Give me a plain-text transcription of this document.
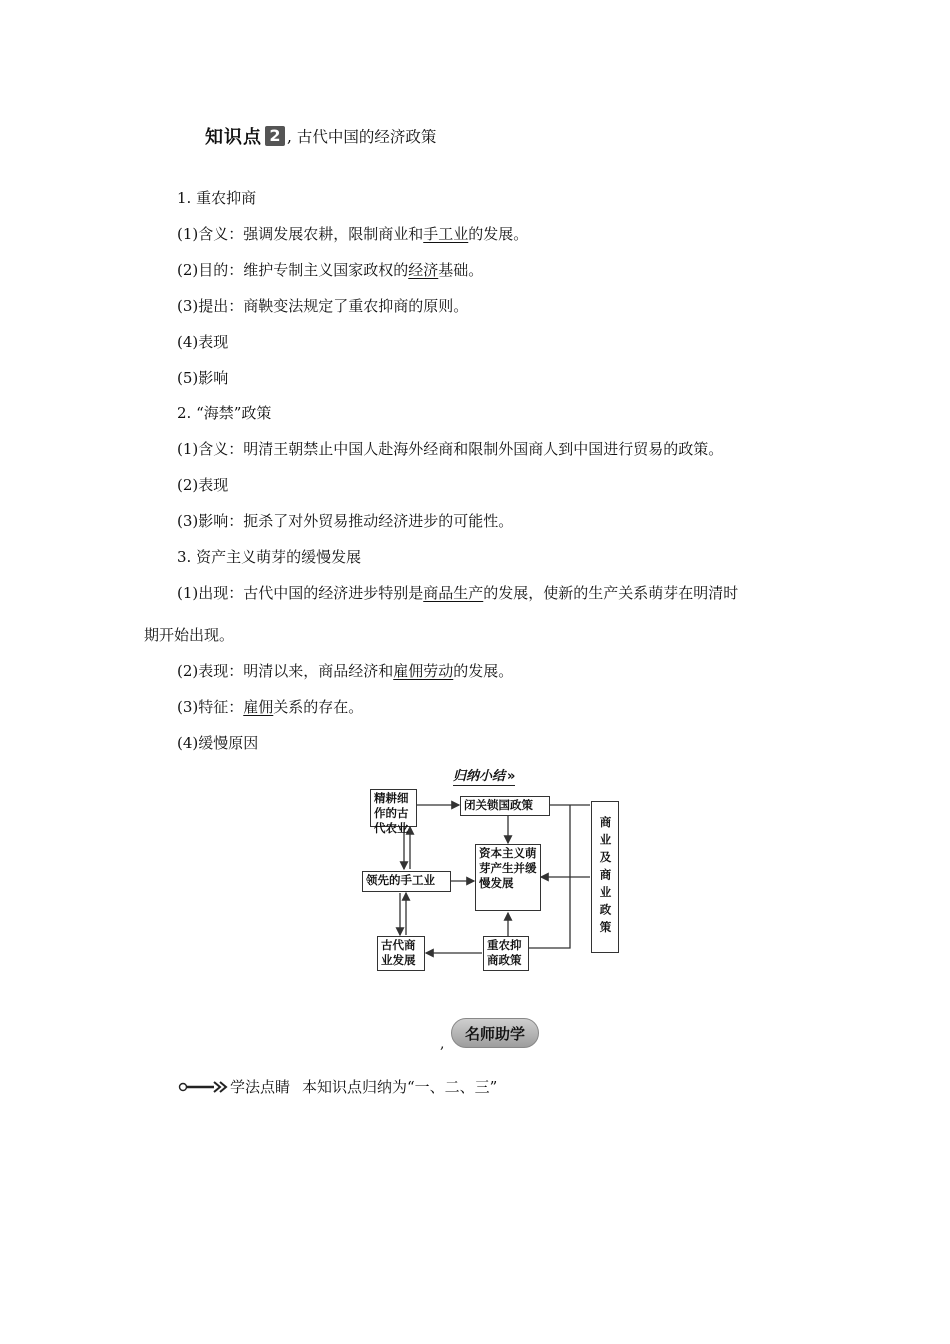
知识点 2 , 古代中国的经济政策
1. 重农抑商
(1)含义：强调发展农耕，限制商业和手工业的发展。
(2)目的：维护专制主义国家政权的经济基础。
(3)提出：商鞅变法规定了重农抑商的原则。
(4)表现
(5)影响
2. “海禁”政策
(1)含义：明清王朝禁止中国人赴海外经商和限制外国商人到中国进行贸易的政策。
(2)表现
(3)影响：扼杀了对外贸易推动经济进步的可能性。
3. 资产主义萌芽的缓慢发展
(1)出现：古代中国的经济进步特别是商品生产的发展，使新的生产关系萌芽在明清时
期开始出现。
(2)表现：明清以来，商品经济和雇佣劳动的发展。
(3)特征：雇佣关系的存在。
(4)缓慢原因
归纳小结 »
精耕细作的古代农业
闭关锁国政策
资本主义萌芽产生并缓慢发展
领先的手工业
古代商业发展
重农抑商政策
商业及商业政策
,
名师助学
学法点睛 本知识点归纳为“一、二、三”
